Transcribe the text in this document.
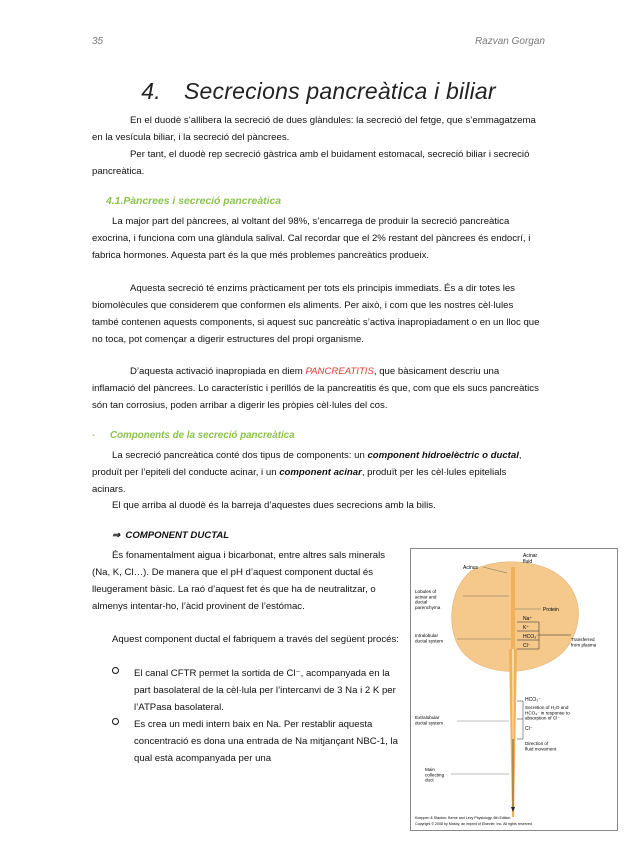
35	Razvan Gorgan
4. Secrecions pancreàtica i biliar
En el duodè s’allibera la secreció de dues glàndules: la secreció del fetge, que s’emmagatzema en la vesícula biliar, i la secreció del pàncrees.
Per tant, el duodè rep secreció gàstrica amb el buidament estomacal, secreció biliar i secreció pancreàtica.
4.1.Pàncrees i secreció pancreàtica
La major part del pàncrees, al voltant del 98%, s’encarrega de produir la secreció pancreàtica exocrina, i funciona com una glàndula salival. Cal recordar que el 2% restant del pàncrees és endocrí, i fabrica hormones. Aquesta part és la que més problemes pancreàtics produeix.
Aquesta secreció té enzims pràcticament per tots els principis immediats. És a dir totes les biomolècules que considerem que conformen els aliments. Per això, i com que les nostres cèl·lules també contenen aquests components, si aquest suc pancreàtic s’activa inapropiadament o en un lloc que no toca, pot començar a digerir estructures del propi organisme.
D’aquesta activació inapropiada en diem PANCREATITIS, que bàsicament descriu una inflamació del pàncrees. Lo característic i perillós de la pancreatitis és que, com que els sucs pancreàtics són tan corrosius, poden arribar a digerir les pròpies cèl·lules del cos.
- Components de la secreció pancreàtica
La secreció pancreàtica conté dos tipus de components: un component hidroelèctric o ductal, produït per l’epiteli del conducte acinar, i un component acinar, produït per les cèl·lules epitelials acinars.
El que arriba al duodè és la barreja d’aquestes dues secrecions amb la bilis.
⇒ COMPONENT DUCTAL
És fonamentalment aigua i bicarbonat, entre altres sals minerals (Na, K, Cl…). De manera que el pH d’aquest component ductal és lleugerament bàsic. La raó d’aquest fet és que ha de neutralitzar, o almenys intentar-ho, l’àcid provinent de l’estómac.
Aquest component ductal el fabriquem a través del següent procés:
El canal CFTR permet la sortida de Cl⁻, acompanyada en la part basolateral de la cèl·lula per l’intercanvi de 3 Na i 2 K per l’ATPasa basolateral.
Es crea un medi intern baix en Na. Per restablir aquesta concentració es dona una entrada de Na mitjançant NBC-1, la qual està acompanyada per una
Acinus
Acinar fluid
Lobules of acinar and ductal parenchyma	Protein
Intralobular ductal system
Na⁺
K⁺
HCO₃⁻
Cl⁻
Transferred from plasma
Extralobular ductal system
HCO₃⁻
Secretion of H₂O and HCO₃⁻ in response to absorption of Cl⁻
Cl⁻
Direction of fluid movement
Main collecting duct
Koeppen & Stanton: Berne and Levy Physiology, 6th Edition.
Copyright © 2008 by Mosby, an imprint of Elsevier, Inc. All rights reserved
